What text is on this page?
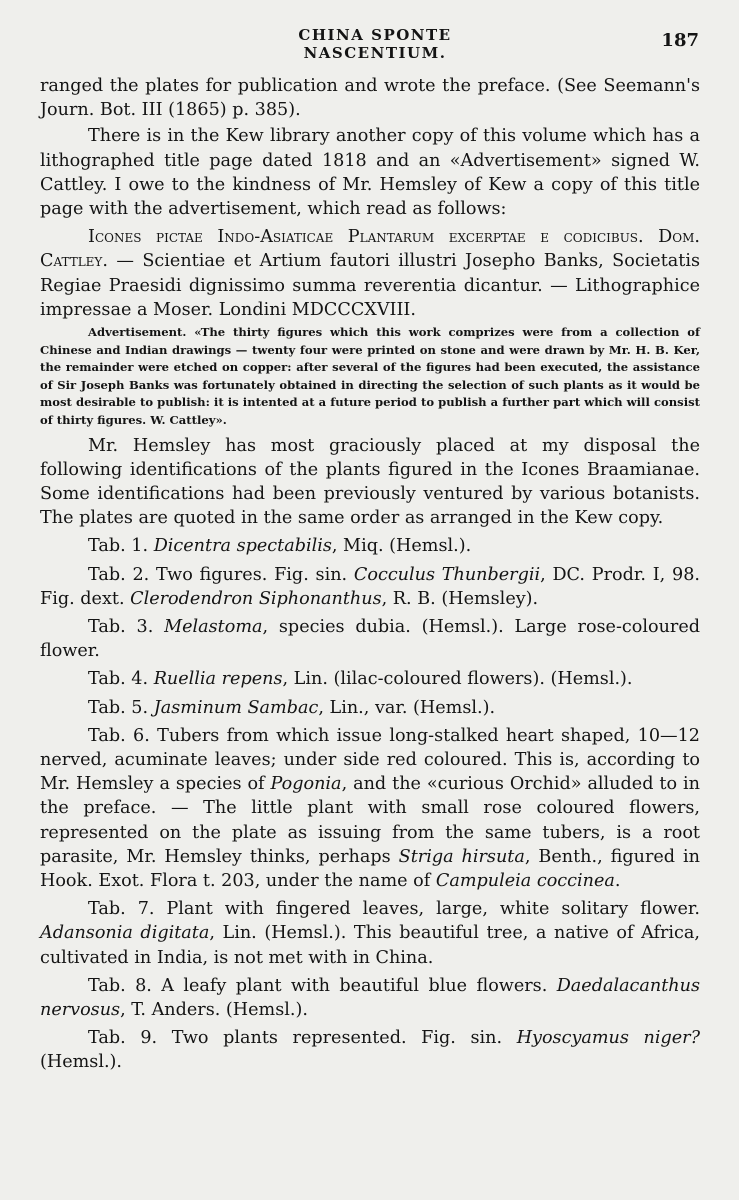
CHINA SPONTE NASCENTIUM.
187

ranged the plates for publication and wrote the preface. (See Seemann's Journ. Bot. III (1865) p. 385).

There is in the Kew library another copy of this volume which has a lithographed title page dated 1818 and an «Advertisement» signed W. Cattley. I owe to the kindness of Mr. Hemsley of Kew a copy of this title page with the advertisement, which read as follows:

Icones pictae Indo-Asiaticae Plantarum excerptae e codicibus. Dom. Cattley. — Scientiae et Artium fautori illustri Josepho Banks, Societatis Regiae Praesidi dignissimo summa reverentia dicantur. — Lithographice impressae a Moser. Londini MDCCCXVIII.

Advertisement. «The thirty figures which this work comprizes were from a collection of Chinese and Indian drawings — twenty four were printed on stone and were drawn by Mr. H. B. Ker, the remainder were etched on copper: after several of the figures had been executed, the assistance of Sir Joseph Banks was fortunately obtained in directing the selection of such plants as it would be most desirable to publish: it is intented at a future period to publish a further part which will consist of thirty figures. W. Cattley».

Mr. Hemsley has most graciously placed at my disposal the following identifications of the plants figured in the Icones Braamianae. Some identifications had been previously ventured by various botanists. The plates are quoted in the same order as arranged in the Kew copy.

Tab. 1. Dicentra spectabilis, Miq. (Hemsl.).

Tab. 2. Two figures. Fig. sin. Cocculus Thunbergii, DC. Prodr. I, 98. Fig. dext. Clerodendron Siphonanthus, R. B. (Hemsley).

Tab. 3. Melastoma, species dubia. (Hemsl.). Large rose-coloured flower.

Tab. 4. Ruellia repens, Lin. (lilac-coloured flowers). (Hemsl.).

Tab. 5. Jasminum Sambac, Lin., var. (Hemsl.).

Tab. 6. Tubers from which issue long-stalked heart shaped, 10—12 nerved, acuminate leaves; under side red coloured. This is, according to Mr. Hemsley a species of Pogonia, and the «curious Orchid» alluded to in the preface. — The little plant with small rose coloured flowers, represented on the plate as issuing from the same tubers, is a root parasite, Mr. Hemsley thinks, perhaps Striga hirsuta, Benth., figured in Hook. Exot. Flora t. 203, under the name of Campuleia coccinea.

Tab. 7. Plant with fingered leaves, large, white solitary flower. Adansonia digitata, Lin. (Hemsl.). This beautiful tree, a native of Africa, cultivated in India, is not met with in China.

Tab. 8. A leafy plant with beautiful blue flowers. Daedalacanthus nervosus, T. Anders. (Hemsl.).

Tab. 9. Two plants represented. Fig. sin. Hyoscyamus niger? (Hemsl.).
